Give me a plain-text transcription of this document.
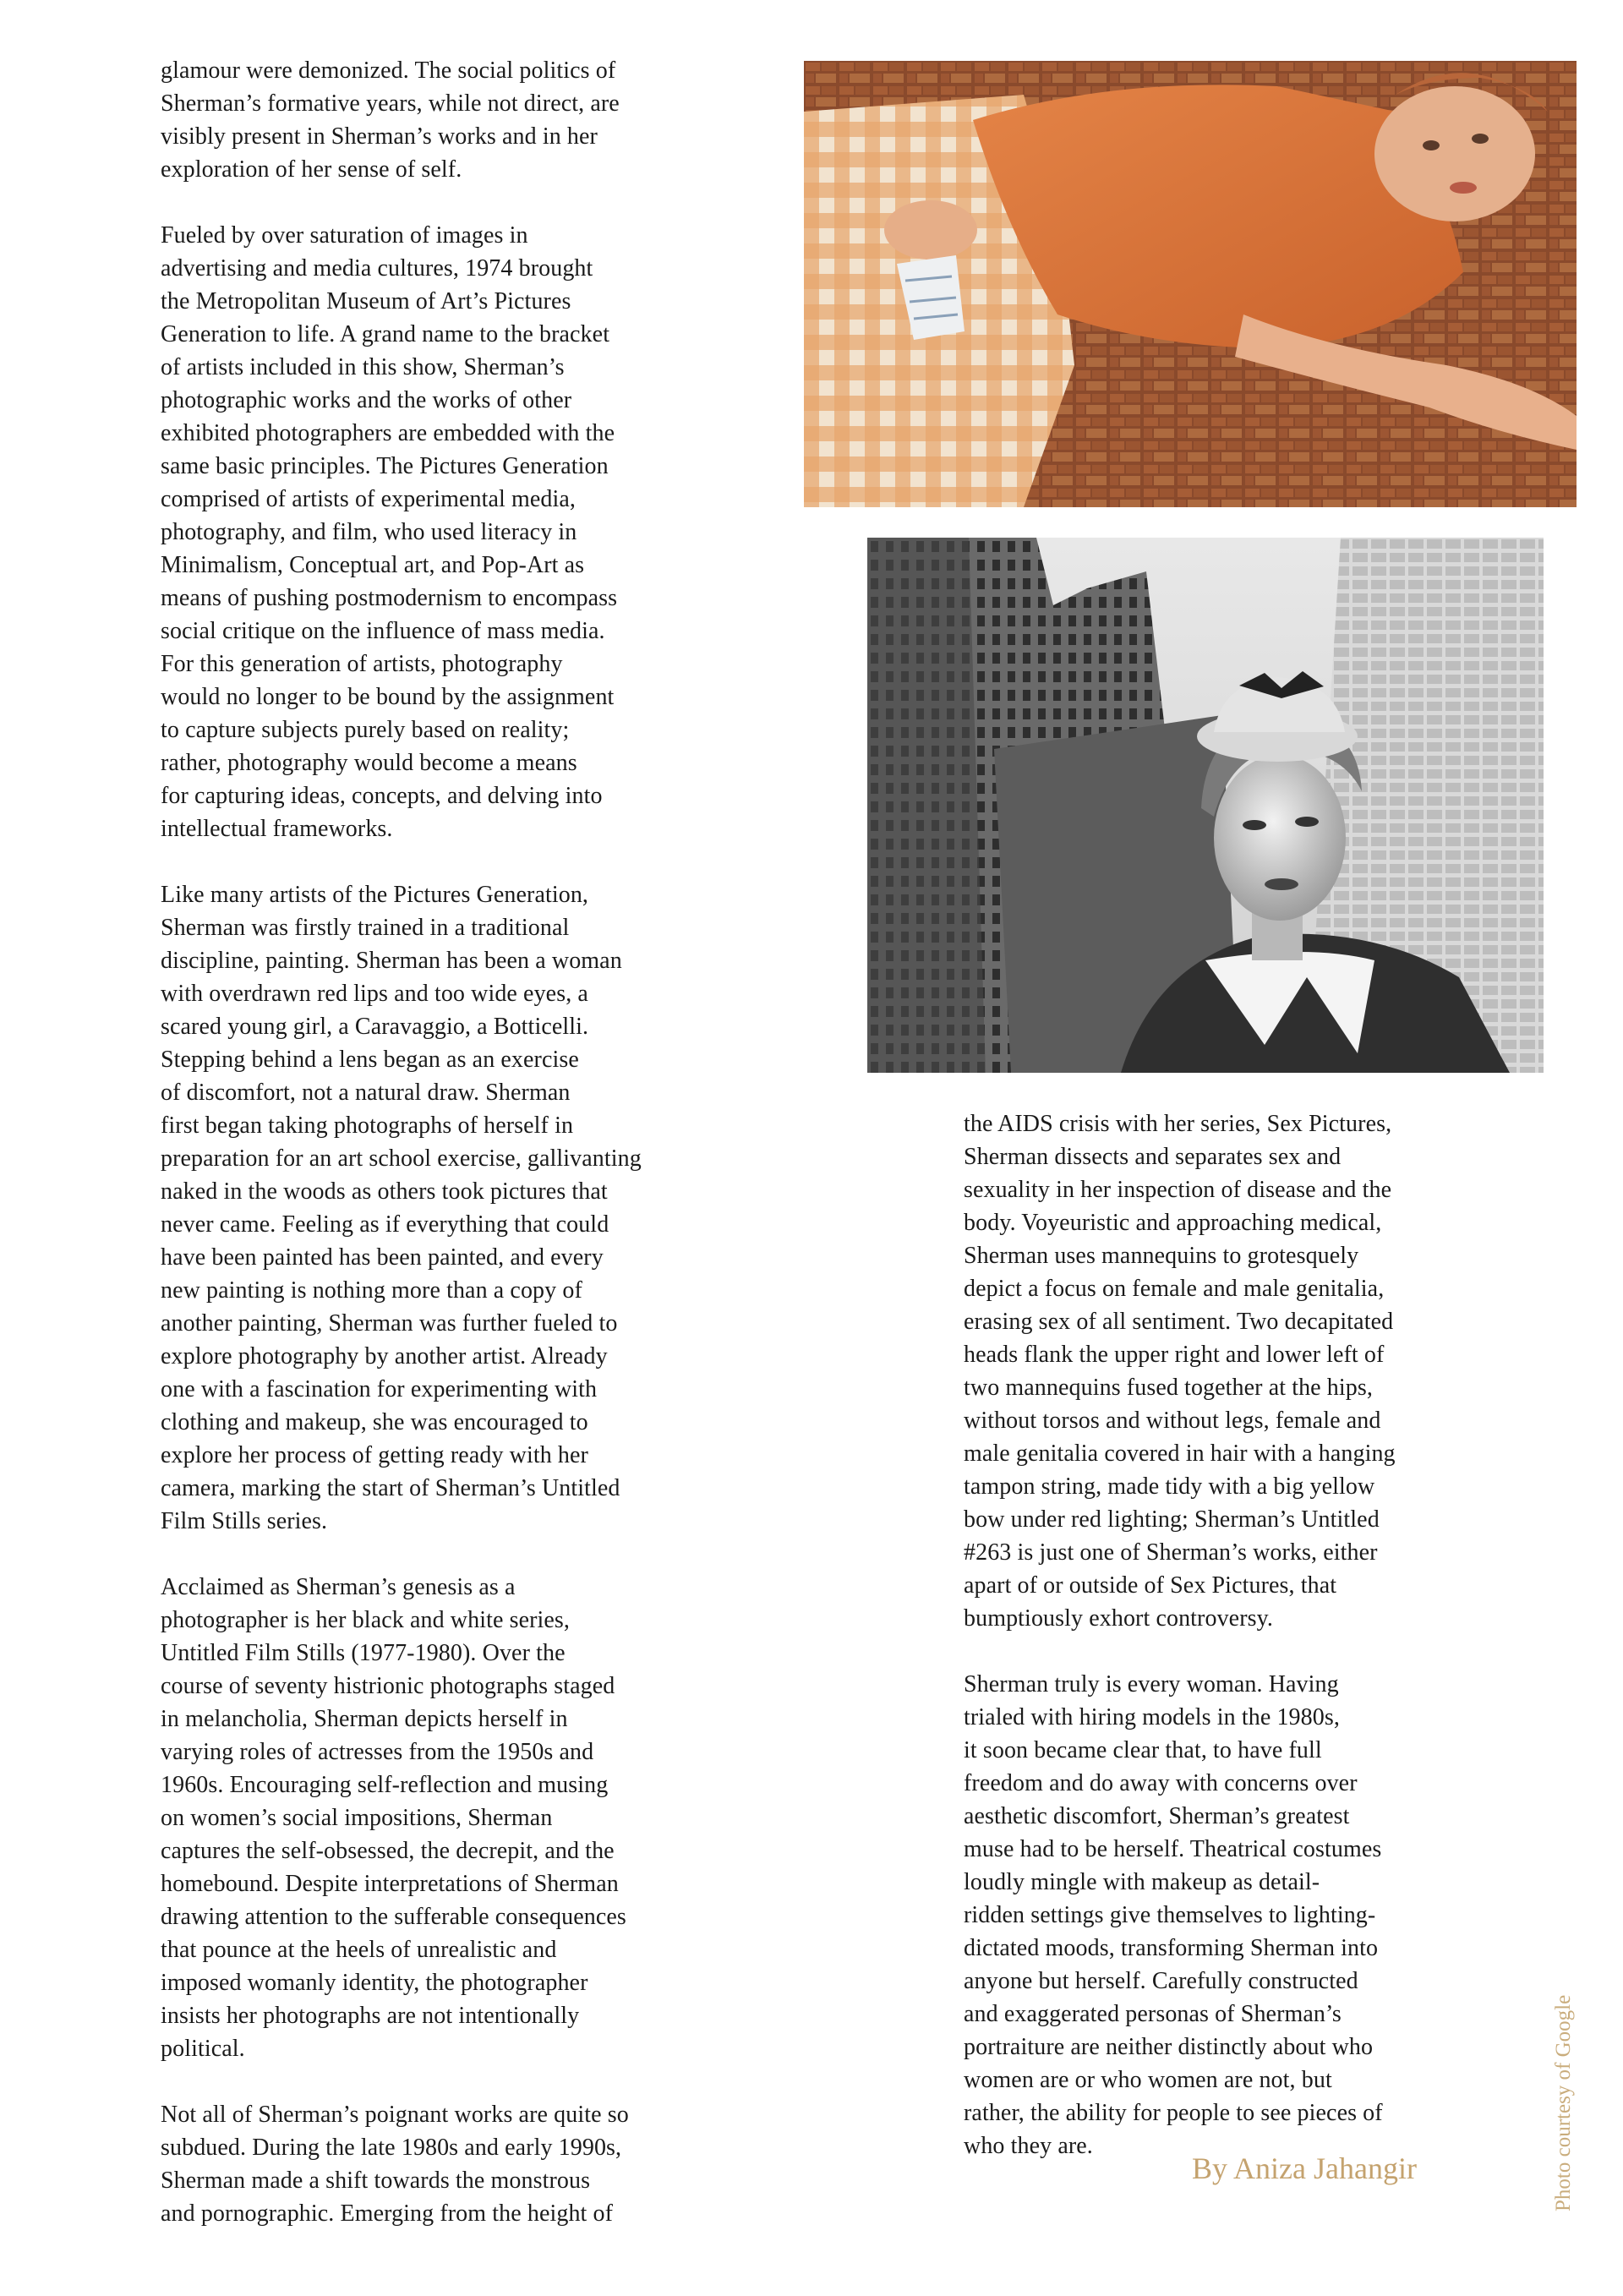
glamour were demonized. The social politics of
Sherman’s formative years, while not direct, are
visibly present in Sherman’s works and in her
exploration of her sense of self.

Fueled by over saturation of images in
advertising and media cultures, 1974 brought
the Metropolitan Museum of Art’s Pictures
Generation to life. A grand name to the bracket
of artists included in this show, Sherman’s
photographic works and the works of other
exhibited photographers are embedded with the
same basic principles. The Pictures Generation
comprised of artists of experimental media,
photography, and film, who used literacy in
Minimalism, Conceptual art, and Pop-Art as
means of pushing postmodernism to encompass
social critique on the influence of mass media.
For this generation of artists, photography
would no longer to be bound by the assignment
to capture subjects purely based on reality;
rather, photography would become a means
for capturing ideas, concepts, and delving into
intellectual frameworks.

Like many artists of the Pictures Generation,
Sherman was firstly trained in a traditional
discipline, painting. Sherman has been a woman
with overdrawn red lips and too wide eyes, a
scared young girl, a Caravaggio, a Botticelli.
Stepping behind a lens began as an exercise
of discomfort, not a natural draw. Sherman
first began taking photographs of herself in
preparation for an art school exercise, gallivanting
naked in the woods as others took pictures that
never came. Feeling as if everything that could
have been painted has been painted, and every
new painting is nothing more than a copy of
another painting, Sherman was further fueled to
explore photography by another artist. Already
one with a fascination for experimenting with
clothing and makeup, she was encouraged to
explore her process of getting ready with her
camera, marking the start of Sherman’s Untitled
Film Stills series.

Acclaimed as Sherman’s genesis as a
photographer is her black and white series,
Untitled Film Stills (1977-1980). Over the
course of seventy histrionic photographs staged
in melancholia, Sherman depicts herself in
varying roles of actresses from the 1950s and
1960s. Encouraging self-reflection and musing
on women’s social impositions, Sherman
captures the self-obsessed, the decrepit, and the
homebound. Despite interpretations of Sherman
drawing attention to the sufferable consequences
that pounce at the heels of unrealistic and
imposed womanly identity, the photographer
insists her photographs are not intentionally
political.

Not all of Sherman’s poignant works are quite so
subdued. During the late 1980s and early 1990s,
Sherman made a shift towards the monstrous
and pornographic. Emerging from the height of

the AIDS crisis with her series, Sex Pictures,
Sherman dissects and separates sex and
sexuality in her inspection of disease and the
body. Voyeuristic and approaching medical,
Sherman uses mannequins to grotesquely
depict a focus on female and male genitalia,
erasing sex of all sentiment. Two decapitated
heads flank the upper right and lower left of
two mannequins fused together at the hips,
without torsos and without legs, female and
male genitalia covered in hair with a hanging
tampon string, made tidy with a big yellow
bow under red lighting; Sherman’s Untitled
#263 is just one of Sherman’s works, either
apart of or outside of Sex Pictures, that
bumptiously exhort controversy.

Sherman truly is every woman. Having
trialed with hiring models in the 1980s,
it soon became clear that, to have full
freedom and do away with concerns over
aesthetic discomfort, Sherman’s greatest
muse had to be herself. Theatrical costumes
loudly mingle with makeup as detail-
ridden settings give themselves to lighting-
dictated moods, transforming Sherman into
anyone but herself. Carefully constructed
and exaggerated personas of Sherman’s
portraiture are neither distinctly about who
women are or who women are not, but
rather, the ability for people to see pieces of
who they are.	Photo courtesy of Google
By Aniza Jahangir
